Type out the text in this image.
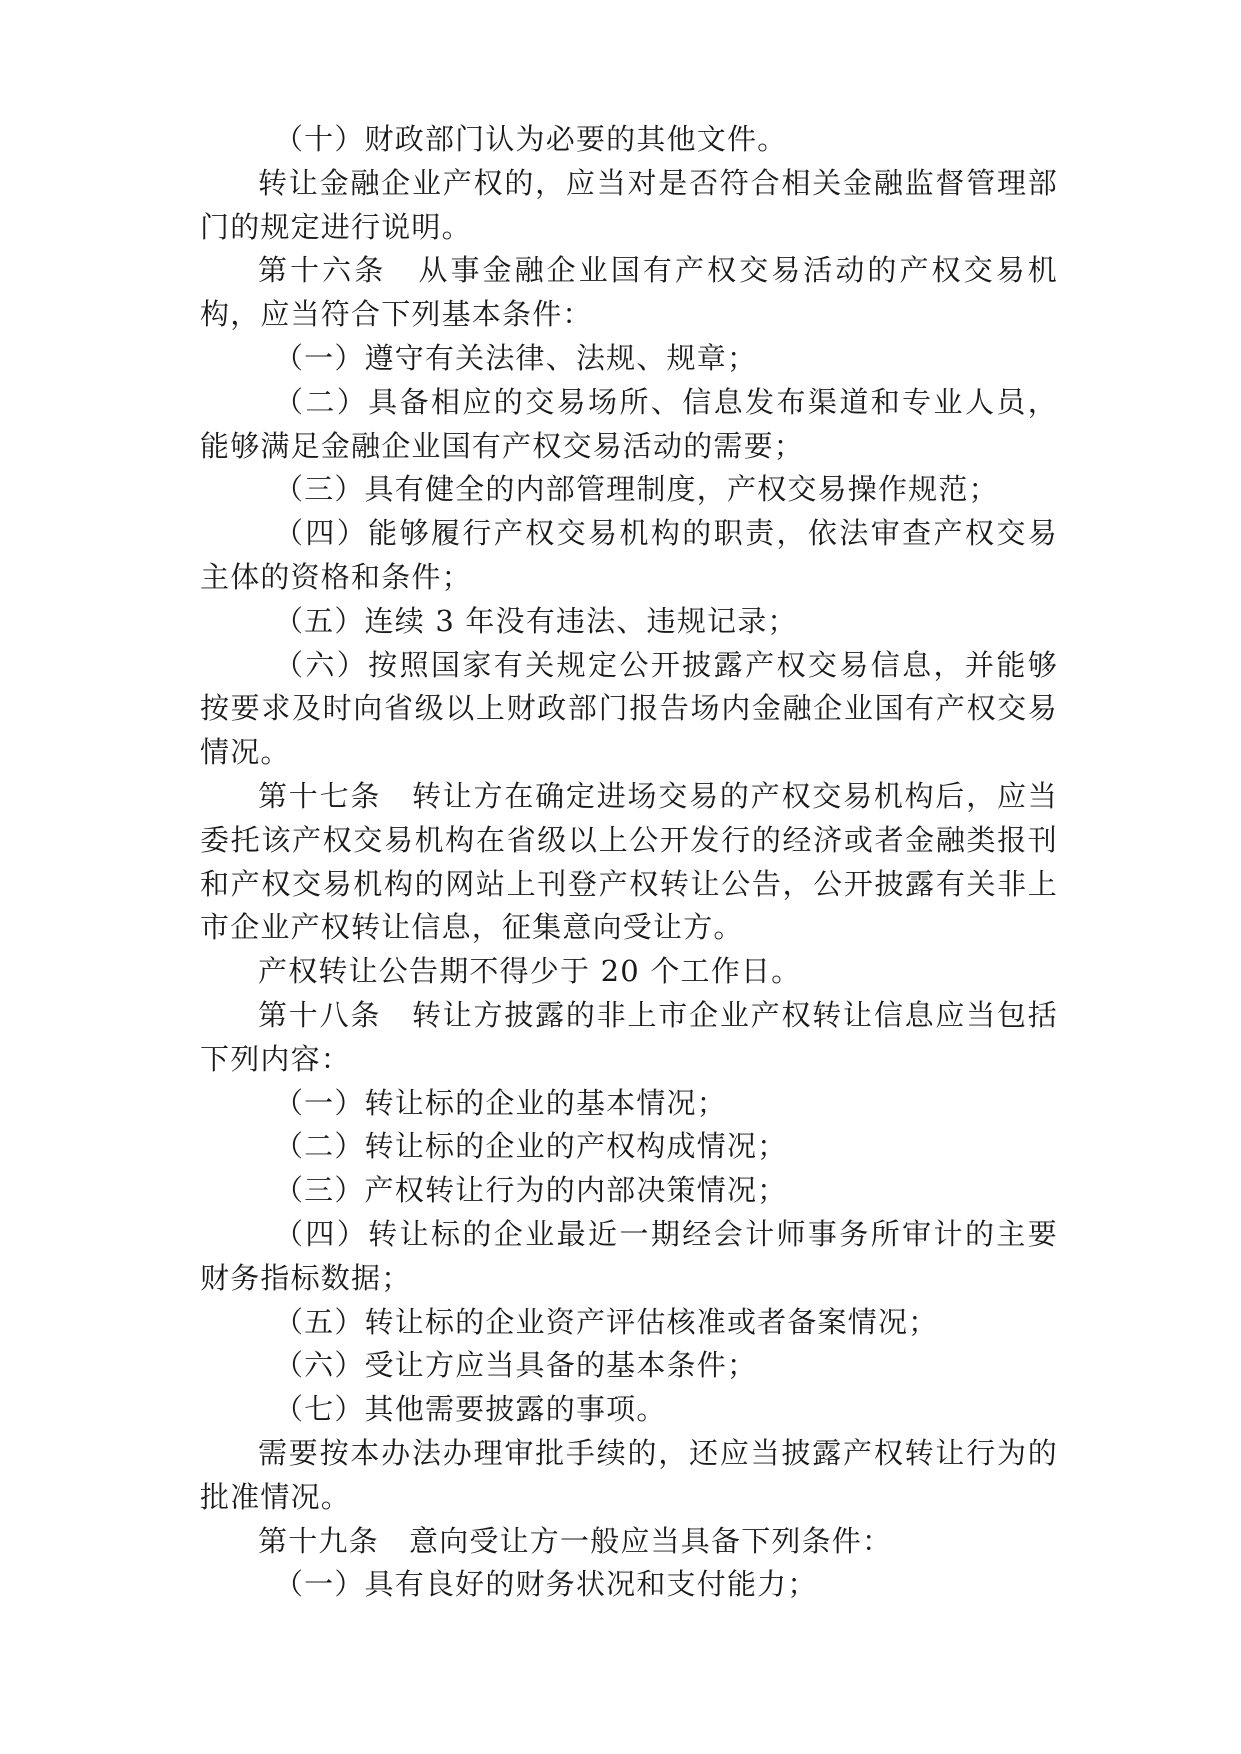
（十）财政部门认为必要的其他文件。

转让金融企业产权的，应当对是否符合相关金融监督管理部门的规定进行说明。

第十六条　从事金融企业国有产权交易活动的产权交易机构，应当符合下列基本条件：

（一）遵守有关法律、法规、规章；

（二）具备相应的交易场所、信息发布渠道和专业人员，能够满足金融企业国有产权交易活动的需要；

（三）具有健全的内部管理制度，产权交易操作规范；

（四）能够履行产权交易机构的职责，依法审查产权交易主体的资格和条件；

（五）连续 3 年没有违法、违规记录；

（六）按照国家有关规定公开披露产权交易信息，并能够按要求及时向省级以上财政部门报告场内金融企业国有产权交易情况。

第十七条　转让方在确定进场交易的产权交易机构后，应当委托该产权交易机构在省级以上公开发行的经济或者金融类报刊和产权交易机构的网站上刊登产权转让公告，公开披露有关非上市企业产权转让信息，征集意向受让方。

产权转让公告期不得少于 20 个工作日。

第十八条　转让方披露的非上市企业产权转让信息应当包括下列内容：

（一）转让标的企业的基本情况；

（二）转让标的企业的产权构成情况；

（三）产权转让行为的内部决策情况；

（四）转让标的企业最近一期经会计师事务所审计的主要财务指标数据；

（五）转让标的企业资产评估核准或者备案情况；

（六）受让方应当具备的基本条件；

（七）其他需要披露的事项。

需要按本办法办理审批手续的，还应当披露产权转让行为的批准情况。

第十九条　意向受让方一般应当具备下列条件：

（一）具有良好的财务状况和支付能力；
